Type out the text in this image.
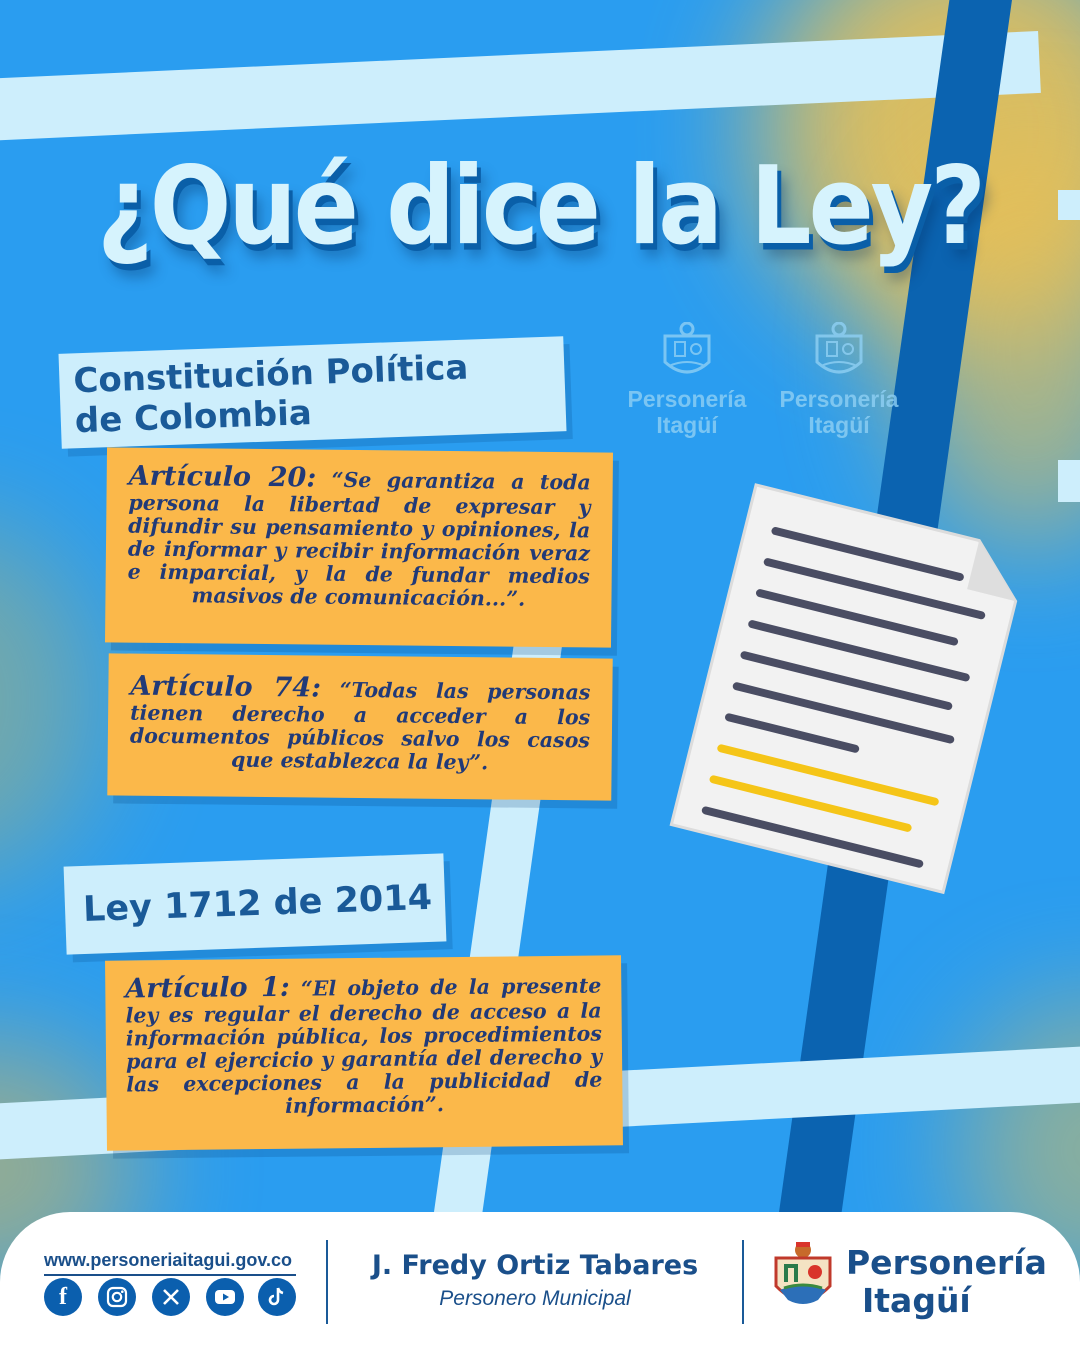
¿Qué dice la Ley?
Personería
Itagüí
Personería
Itagüí
Constitución Política
de Colombia

Artículo 20: “Se garantiza a toda persona la libertad de expresar y difundir su pensamiento y opiniones, la de informar y recibir información veraz e imparcial, y la de fundar medios masivos de comunicación...”.

Artículo 74: “Todas las personas tienen derecho a acceder a los documentos públicos salvo los casos que establezca la ley”.

Ley 1712 de 2014

Artículo 1: “El objeto de la presente ley es regular el derecho de acceso a la información pública, los procedimientos para el ejercicio y garantía del derecho y las excepciones a la publicidad de información”.

www.personeriaitagui.gov.co
f
J. Fredy Ortiz Tabares
Personero Municipal
Personería
Itagüí
